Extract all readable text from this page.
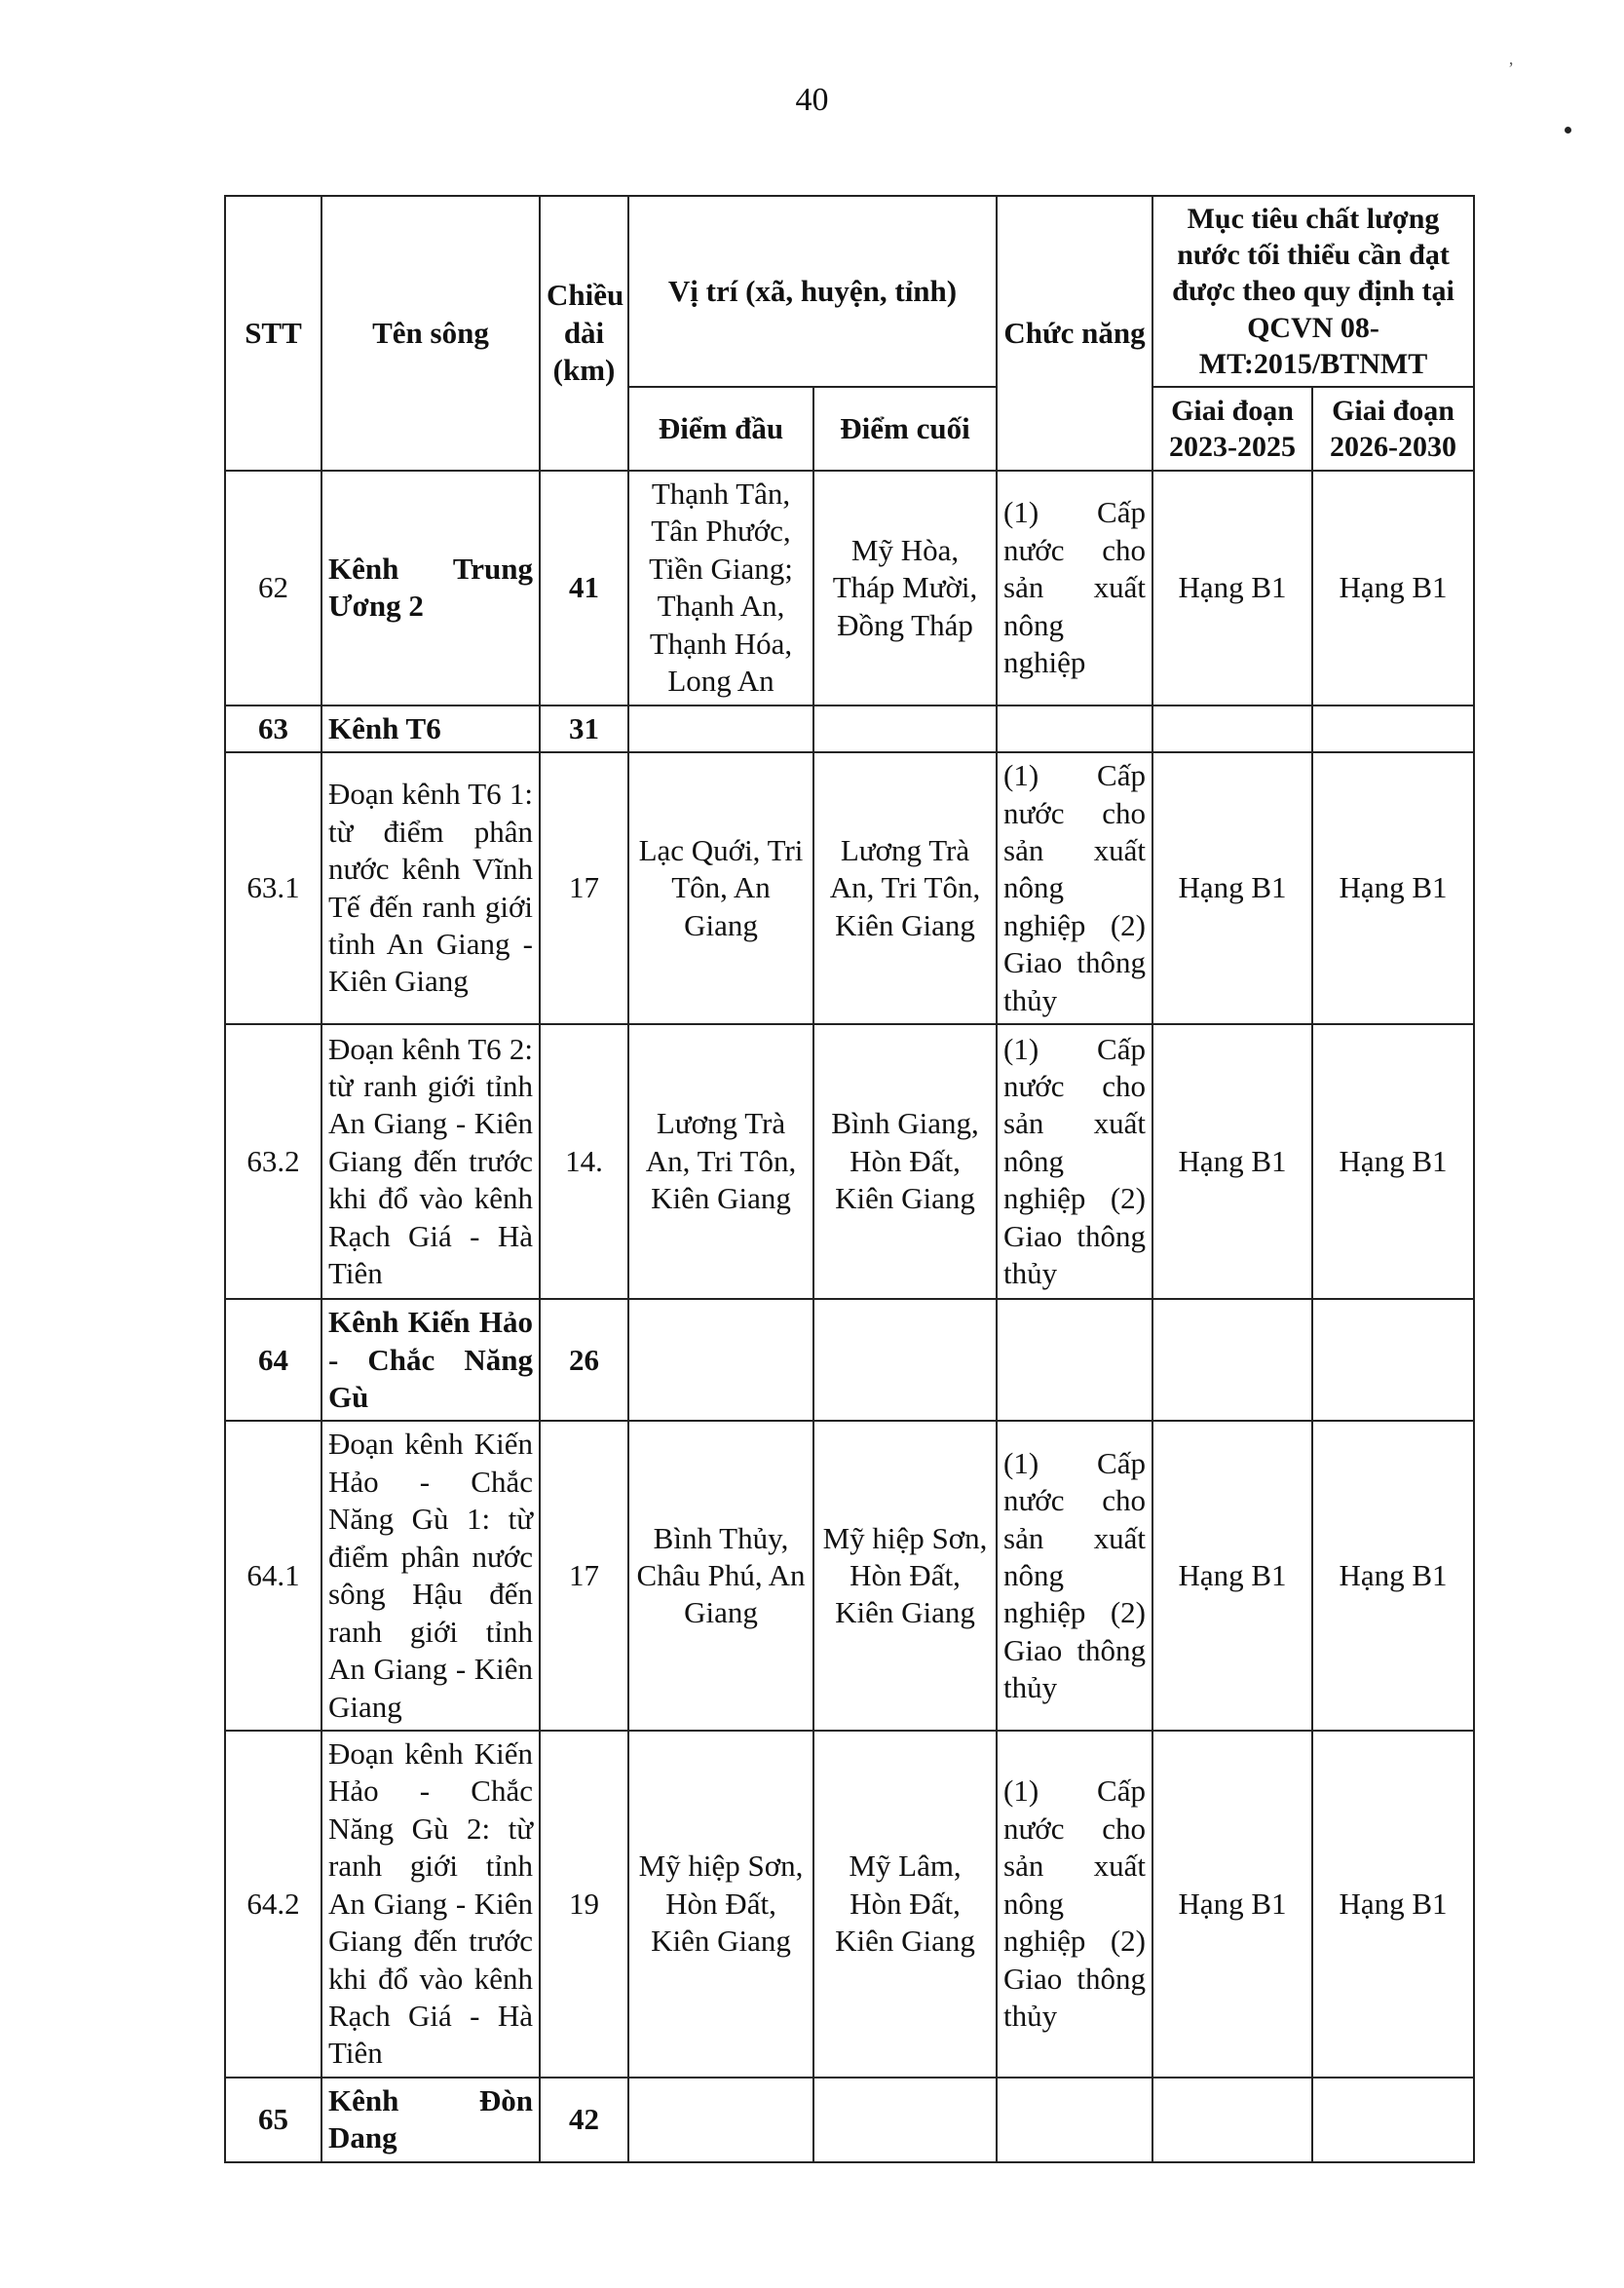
40
’
STT	Tên sông	Chiều dài (km)	Vị trí (xã, huyện, tỉnh)		Chức năng	Mục tiêu chất lượng nước tối thiểu cần đạt được theo quy định tại QCVN 08-MT:2015/BTNMT	
			Điểm đầu	Điểm cuối		Giai đoạn 2023-2025	Giai đoạn 2026-2030
62	Kênh Trung Ương 2	41	Thạnh Tân, Tân Phước, Tiền Giang; Thạnh An, Thạnh Hóa, Long An	Mỹ Hòa, Tháp Mười, Đồng Tháp	(1) Cấp nước cho sản xuất nông nghiệp	Hạng B1	Hạng B1
63	Kênh T6	31					
63.1	Đoạn kênh T6 1: từ điểm phân nước kênh Vĩnh Tế đến ranh giới tỉnh An Giang - Kiên Giang	17	Lạc Quới, Tri Tôn, An Giang	Lương Trà An, Tri Tôn, Kiên Giang	(1) Cấp nước cho sản xuất nông nghiệp (2) Giao thông thủy	Hạng B1	Hạng B1
63.2	Đoạn kênh T6 2: từ ranh giới tỉnh An Giang - Kiên Giang đến trước khi đổ vào kênh Rạch Giá - Hà Tiên	14.	Lương Trà An, Tri Tôn, Kiên Giang	Bình Giang, Hòn Đất, Kiên Giang	(1) Cấp nước cho sản xuất nông nghiệp (2) Giao thông thủy	Hạng B1	Hạng B1
64	Kênh Kiến Hảo - Chắc Năng Gù	26					
64.1	Đoạn kênh Kiến Hảo - Chắc Năng Gù 1: từ điểm phân nước sông Hậu đến ranh giới tỉnh An Giang - Kiên Giang	17	Bình Thủy, Châu Phú, An Giang	Mỹ hiệp Sơn, Hòn Đất, Kiên Giang	(1) Cấp nước cho sản xuất nông nghiệp (2) Giao thông thủy	Hạng B1	Hạng B1
64.2	Đoạn kênh Kiến Hảo - Chắc Năng Gù 2: từ ranh giới tỉnh An Giang - Kiên Giang đến trước khi đổ vào kênh Rạch Giá - Hà Tiên	19	Mỹ hiệp Sơn, Hòn Đất, Kiên Giang	Mỹ Lâm, Hòn Đất, Kiên Giang	(1) Cấp nước cho sản xuất nông nghiệp (2) Giao thông thủy	Hạng B1	Hạng B1
65	Kênh Đòn Dang	42					
